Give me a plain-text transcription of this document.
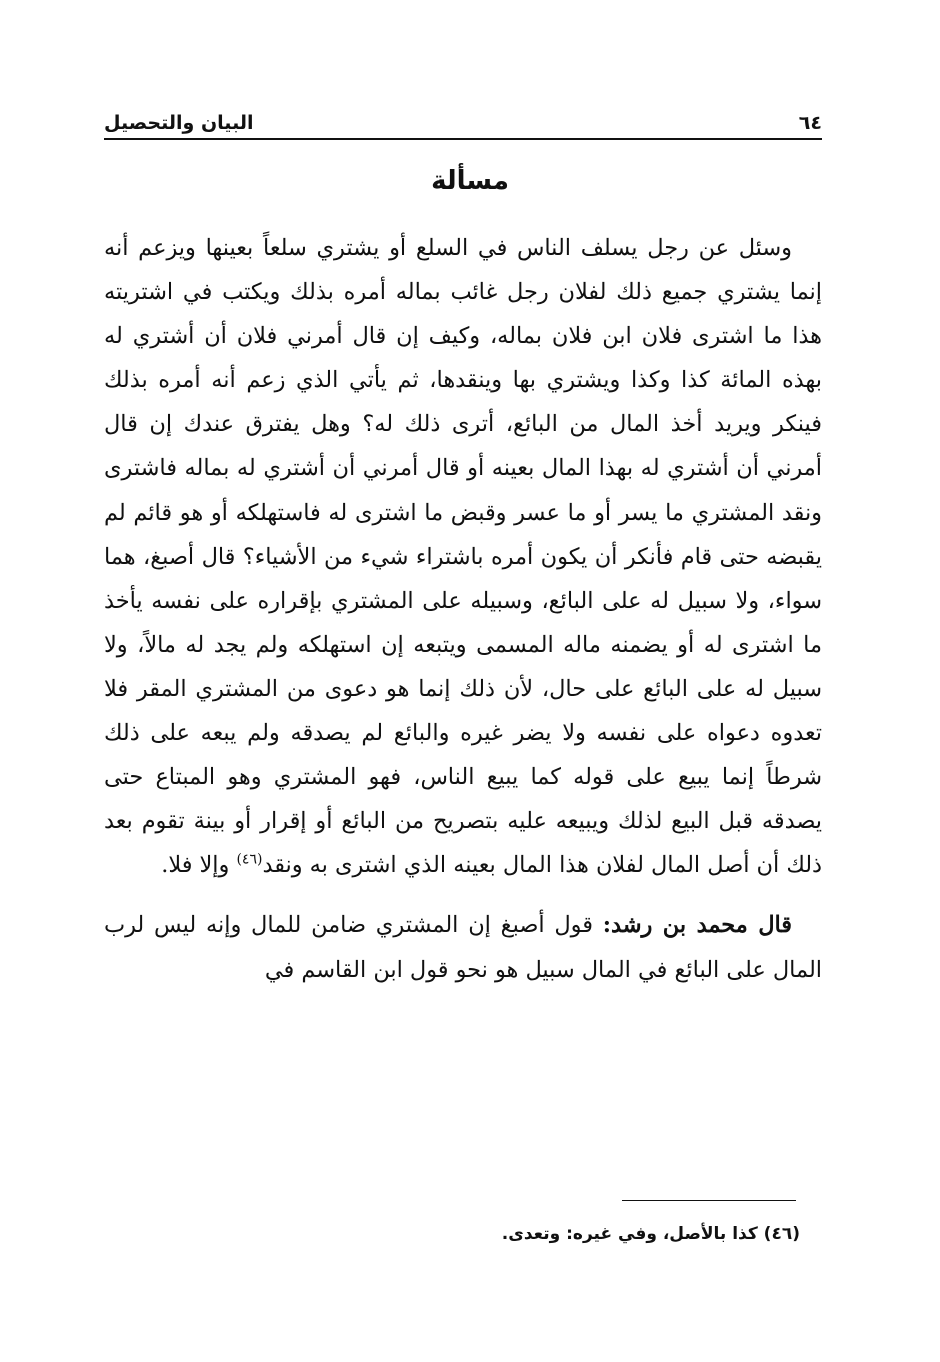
٦٤
البيان والتحصيل
مسألة

وسئل عن رجل يسلف الناس في السلع أو يشتري سلعاً بعينها ويزعم أنه إنما يشتري جميع ذلك لفلان رجل غائب بماله أمره بذلك ويكتب في اشتريته هذا ما اشترى فلان ابن فلان بماله، وكيف إن قال أمرني فلان أن أشتري له بهذه المائة كذا وكذا ويشتري بها وينقدها، ثم يأتي الذي زعم أنه أمره بذلك فينكر ويريد أخذ المال من البائع، أترى ذلك له؟ وهل يفترق عندك إن قال أمرني أن أشتري له بهذا المال بعينه أو قال أمرني أن أشتري له بماله فاشترى ونقد المشتري ما يسر أو ما عسر وقبض ما اشترى له فاستهلكه أو هو قائم لم يقبضه حتى قام فأنكر أن يكون أمره باشتراء شيء من الأشياء؟ قال أصبغ، هما سواء، ولا سبيل له على البائع، وسبيله على المشتري بإقراره على نفسه يأخذ ما اشترى له أو يضمنه ماله المسمى ويتبعه إن استهلكه ولم يجد له مالاً، ولا سبيل له على البائع على حال، لأن ذلك إنما هو دعوى من المشتري المقر فلا تعدوه دعواه على نفسه ولا يضر غيره والبائع لم يصدقه ولم يبعه على ذلك شرطاً إنما يبيع على قوله كما يبيع الناس، فهو المشتري وهو المبتاع حتى يصدقه قبل البيع لذلك ويبيعه عليه بتصريح من البائع أو إقرار أو بينة تقوم بعد ذلك أن أصل المال لفلان هذا المال بعينه الذي اشترى به ونقد$^{(٤٦)}$ وإلا فلا.

قال محمد بن رشد: قول أصبغ إن المشتري ضامن للمال وإنه ليس لرب المال على البائع في المال سبيل هو نحو قول ابن القاسم في

(٤٦) كذا بالأصل، وفي غيره: وتعدى.
